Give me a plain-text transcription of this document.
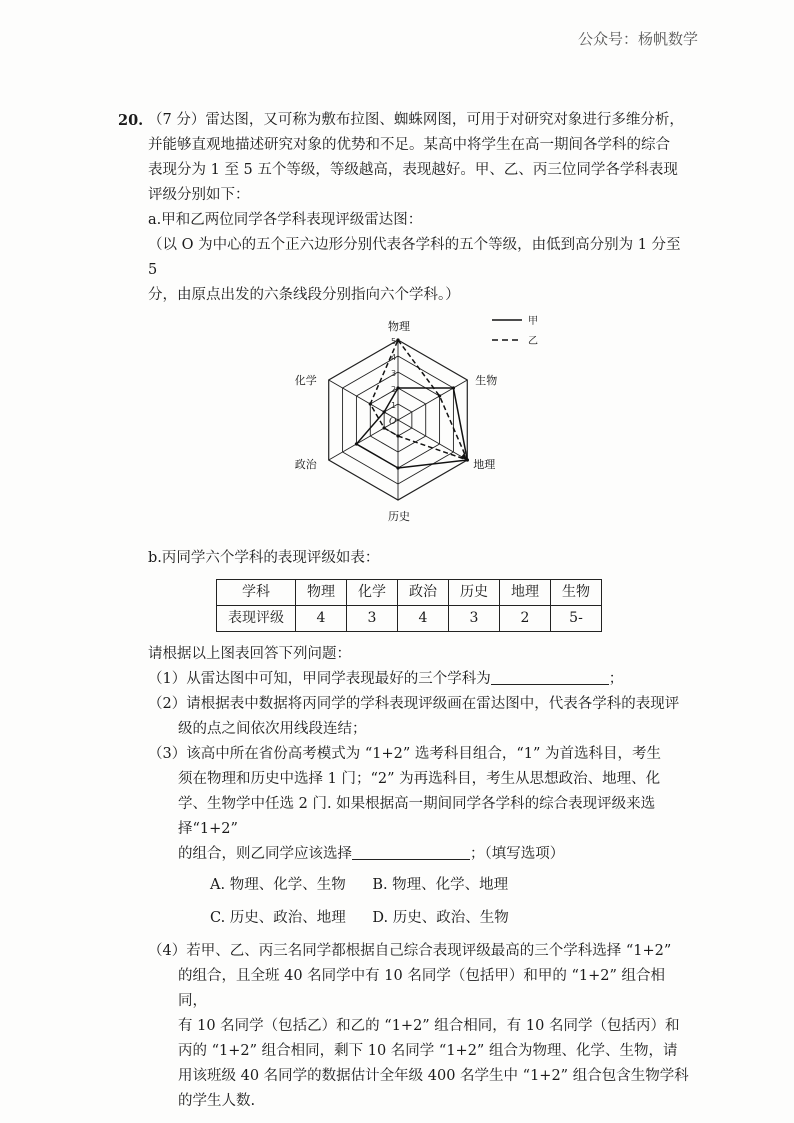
公众号：杨帆数学
20. （7 分）雷达图，又可称为敷布拉图、蜘蛛网图，可用于对研究对象进行多维分析，

并能够直观地描述研究对象的优势和不足。某高中将学生在高一期间各学科的综合

表现分为 1 至 5 五个等级，等级越高，表现越好。甲、乙、丙三位同学各学科表现

评级分别如下：

a.甲和乙两位同学各学科表现评级雷达图：

（以 O 为中心的五个正六边形分别代表各学科的五个等级，由低到高分别为 1 分至 5

分，由原点出发的六条线段分别指向六个学科。）

1
2
3
4
5
O
物理
生物
地理
历史
政治
化学
甲
乙

b.丙同学六个学科的表现评级如表：

学科	物理	化学	政治	历史	地理	生物
表现评级	4	3	4	3	2	5-

请根据以上图表回答下列问题：

（1）从雷达图中可知，甲同学表现最好的三个学科为	；

（2）请根据表中数据将丙同学的学科表现评级画在雷达图中，代表各学科的表现评

级的点之间依次用线段连结；

（3）该高中所在省份高考模式为 “1+2” 选考科目组合，“1” 为首选科目，考生

须在物理和历史中选择 1 门；“2” 为再选科目，考生从思想政治、地理、化

学、生物学中任选 2 门. 如果根据高一期间同学各学科的综合表现评级来选择“1+2”

的组合，则乙同学应该选择	；（填写选项）

A. 物理、化学、生物 B. 物理、化学、地理
C. 历史、政治、地理 D. 历史、政治、生物

（4）若甲、乙、丙三名同学都根据自己综合表现评级最高的三个学科选择 “1+2”

的组合，且全班 40 名同学中有 10 名同学（包括甲）和甲的 “1+2” 组合相同，

有 10 名同学（包括乙）和乙的 “1+2” 组合相同，有 10 名同学（包括丙）和

丙的 “1+2” 组合相同，剩下 10 名同学 “1+2” 组合为物理、化学、生物，请

用该班级 40 名同学的数据估计全年级 400 名学生中 “1+2” 组合包含生物学科

的学生人数.
